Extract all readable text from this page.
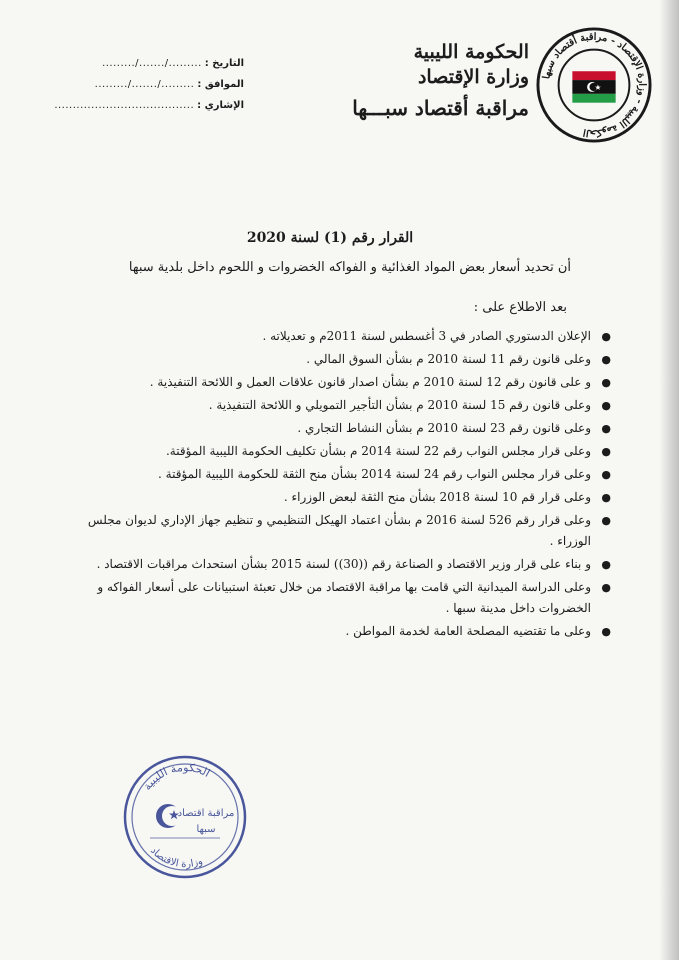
الحكومة الليبية - وزارة الإقتصاد - مراقبة أقتصاد سبها
الحكومة الليبية
وزارة الإقتصاد
مراقبة أقتصاد سبـــها
التاريخ :
........./......./.........
الموافق :
........./......./.........
الإشاري :
......................................
القرار رقم (1) لسنة 2020
أن تحديد أسعار بعض المواد الغذائية و الفواكه الخضروات و اللحوم داخل بلدية سبها
بعد الاطلاع على :
●
الإعلان الدستوري الصادر في 3 أغسطس لسنة 2011م و تعديلاته .
●
وعلى قانون رقم 11 لسنة 2010 م بشأن السوق المالي .
●
و على قانون رقم 12 لسنة 2010 م بشأن اصدار قانون علاقات العمل و اللائحة التنفيذية .
●
وعلى قانون رقم 15 لسنة 2010 م بشأن التأجير التمويلي و اللائحة التنفيذية .
●
وعلى قانون رقم 23 لسنة 2010 م بشأن النشاط التجاري .
●
وعلى قرار مجلس النواب رقم 22 لسنة 2014 م بشأن تكليف الحكومة الليبية المؤقتة.
●
وعلى قرار مجلس النواب رقم 24 لسنة 2014 بشأن منح الثقة للحكومة الليبية المؤقتة .
●
وعلى قرار قم 10 لسنة 2018 بشأن منح الثقة لبعض الوزراء .
●
وعلى قرار رقم 526 لسنة 2016 م بشأن اعتماد الهيكل التنظيمي و تنظيم جهاز الإداري لديوان مجلس الوزراء .
●
و بناء على قرار وزير الاقتصاد و الصناعة رقم ((30)) لسنة 2015 بشأن استحداث مراقبات الاقتصاد .
●
وعلى الدراسة الميدانية التي قامت بها مراقبة الاقتصاد من خلال تعبئة استبيانات على أسعار الفواكه و الخضروات داخل مدينة سبها .
●
وعلى ما تقتضيه المصلحة العامة لخدمة المواطن .
الحكومة الليبية
وزارة الاقتصاد
مراقبة اقتصاد
سبها
